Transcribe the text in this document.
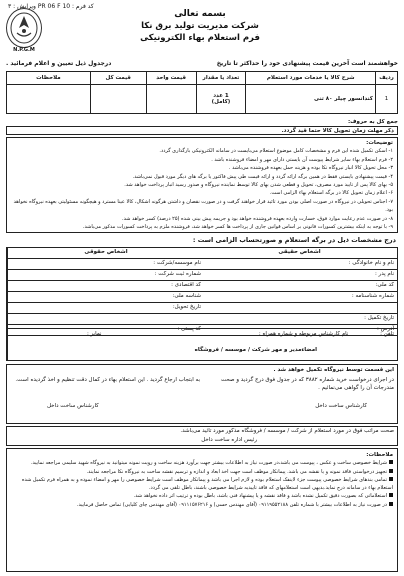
کد فرم : PR 06 F 10 ویرایش : ۳
N.P.G.M
بسمه تعالی
شرکت مدیریت تولید برق نکا
فرم استعلام بهاء الکترونیکی
خواهشمند است آخرین قیمت پیشنهادی خود را حداکثر تا تاریخ
درجدول ذیل تعیین و اعلام فرمائید .
ردیف	شرح کالا یا خدمات مورد استعلام	تعداد یا مقدار	قیمت واحد	قیمت کل	ملاحظات
1	کندانسور چیلر ۸۰ تنی	1 عدد
(کامل)			
جمع کل به حروف:
ذکر مهلت زمان تحویل کالا حتما قید گردد.
توضیحات:
۱- اسکن تکمیل شده این فرم و مشخصات کامل موضوع استعلام می‌بایست در سامانه الکترونیکی بارگذاری گردد.
۲- فرم استعلام بهاء سایر شرایط پیوست آن بایستی دارای مهر و امضاء فروشنده باشد .
۳- محل تحویل کالا انبار نیروگاه نکا بوده و هزینه حمل بعهده فروشنده می‌باشد .
۴- قیمت پیشنهادی بایستی فقط در همین برگه ارائه گردد و ارائه قیمت طی پیش فاکتور یا برگه های دیگر مورد قبول نمی‌باشد.
۵- بهای کالا پس از تایید مورد مصرف، تحویل و قطعی شدن بهای کالا توسط نماینده نیروگاه و صدور رسید انبار پرداخت خواهد شد.
۶- اعلام زمان تحویل کالا در برگه استعلام بهاء الزامی است.
۷- اجناس تحویلی در نیروگاه در صورت اصلی بودن مورد تائید قرار خواهند گرفت و در صورت نقصان و داشتن هرگونه اشکال، کالا عینا مسترد و هیچگونه مسئولیتی بعهده نیروگاه نخواهد بود.
۸- در صورت عدم رعایت موارد فوق، خسارت وارده بعهده فروشنده خواهد بود و جریمه پیش بینی شده (۲۵ درصد) کسر خواهد شد.
۹- با توجه به اینکه بیشترین کسورات قانونی بر اساس قوانین جاری از پرداخت ها کسر خواهد شد، فروشنده ملزم به پرداخت کسورات مذکور می‌باشد.
درج مشخصات ذیل در برگه استعلام و صورتحساب الزامی است :
اشخاص حقیقی
نام و نام خانوادگی :
نام پدر :
کد ملی:
شماره شناسنامه :
تاریخ تکمیل :
آدرس :
اشخاص حقوقی
نام موسسه/شرکت :
شماره ثبت شرکت :
کد اقتصادی :
شناسه ملی:
تاریخ تحویل:
کد پستی :
تلفن : نام کارشناس مربوطه و شماره همراه :
نمابر :
امضاءمدیر و مهر شرکت / موسسه / فروشگاه
این قسمت توسط نیروگاه تکمیل خواهد شد .
در اجرای درخواست خرید شماره ۳۸۸۲ که در جدول فوق درج گردید و صحت مندرجات آن را گواهی می‌نمائیم .
به ابتجاب ارجاع گردید . این استعلام بهاء در کمال دقت تنظیم و اخذ گردیده است.
کارشناس ساخت داخل
کارشناس ساخت داخل
صحت مراتب فوق در مورد استعلام از شرکت / موسسه / فروشگاه مذکور مورد تائید می‌باشد.
رئیس اداره ساخت داخل
ملاحظات:
شرایط خصوصی ساخت و عکس ، پیوست می باشد،در صورت نیاز به اطلاعات بیشتر جهت برآورد هزینه ساخت و رویت نمونه میتوانید به نیروگاه شهید سلیمی مراجعه نمایید.
تجهیز درخواستی فاقد نمونه و یا نقشه می باشد. پیمانکار موظف است جهت اخذ ابعاد و اندازه و ترسیم نقشه ساخت به نیروگاه نکا مراجعه نمایند.
تمامی بندهای شرایط خصوصی پیوست جزء لاینفک استعلام بوده و لازم اجرا می باشد و پیمانکار موظف است شرایط خصوصی را مهر و امضاء نموده و به همراه فرم تکمیل شده استعلام بهاء در سامانه درج نماید.بدیهی است استعلامهای که فاقد تاییدیه شرایط خصوصی باشند، باطل تلقی می گردد.
استعلاماتی که بصورت دقیق تکمیل نشده باشد و فاقد نقشه و یا پیشنهاد فنی باشد، باطل بوده و ترتیب اثر داده نخواهد شد.
در صورت نیاز به اطلاعات بیشتر با شماره تلفن ۰۹۱۱۹۵۵۲۱۸۸ (آقای مهندس حسی) و ۰۹۱۱۱۵۷۶۲۱۶ (آقای مهندس چای کلیایی) تماس حاصل فرمایید.
